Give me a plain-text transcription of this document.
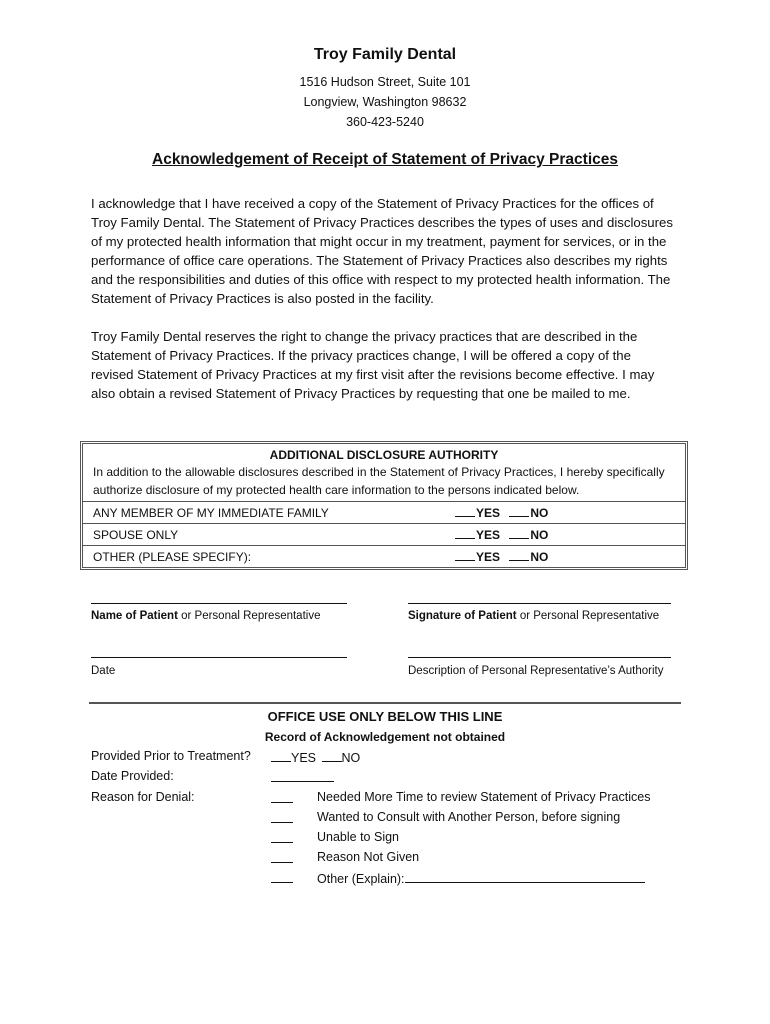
Troy Family Dental
1516 Hudson Street, Suite 101
Longview, Washington 98632
360-423-5240
Acknowledgement of Receipt of Statement of Privacy Practices

I acknowledge that I have received a copy of the Statement of Privacy Practices for the offices of Troy Family Dental. The Statement of Privacy Practices describes the types of uses and disclosures of my protected health information that might occur in my treatment, payment for services, or in the performance of office care operations. The Statement of Privacy Practices also describes my rights and the responsibilities and duties of this office with respect to my protected health information. The Statement of Privacy Practices is also posted in the facility.

Troy Family Dental reserves the right to change the privacy practices that are described in the Statement of Privacy Practices. If the privacy practices change, I will be offered a copy of the revised Statement of Privacy Practices at my first visit after the revisions become effective. I may also obtain a revised Statement of Privacy Practices by requesting that one be mailed to me.

ADDITIONAL DISCLOSURE AUTHORITY	
In addition to the allowable disclosures described in the Statement of Privacy Practices, I hereby specifically authorize disclosure of my protected health care information to the persons indicated below.	
ANY MEMBER OF MY IMMEDIATE FAMILY	YES NO
SPOUSE ONLY	YES NO
OTHER (PLEASE SPECIFY):	YES NO
Name of Patient or Personal Representative	Signature of Patient or Personal Representative
Date	Description of Personal Representative’s Authority
OFFICE USE ONLY BELOW THIS LINE
Record of Acknowledgement not obtained
Provided Prior to Treatment?	YES NO
Date Provided:
Reason for Denial:	Needed More Time to review Statement of Privacy Practices
Wanted to Consult with Another Person, before signing
Unable to Sign
Reason Not Given
Other (Explain):
